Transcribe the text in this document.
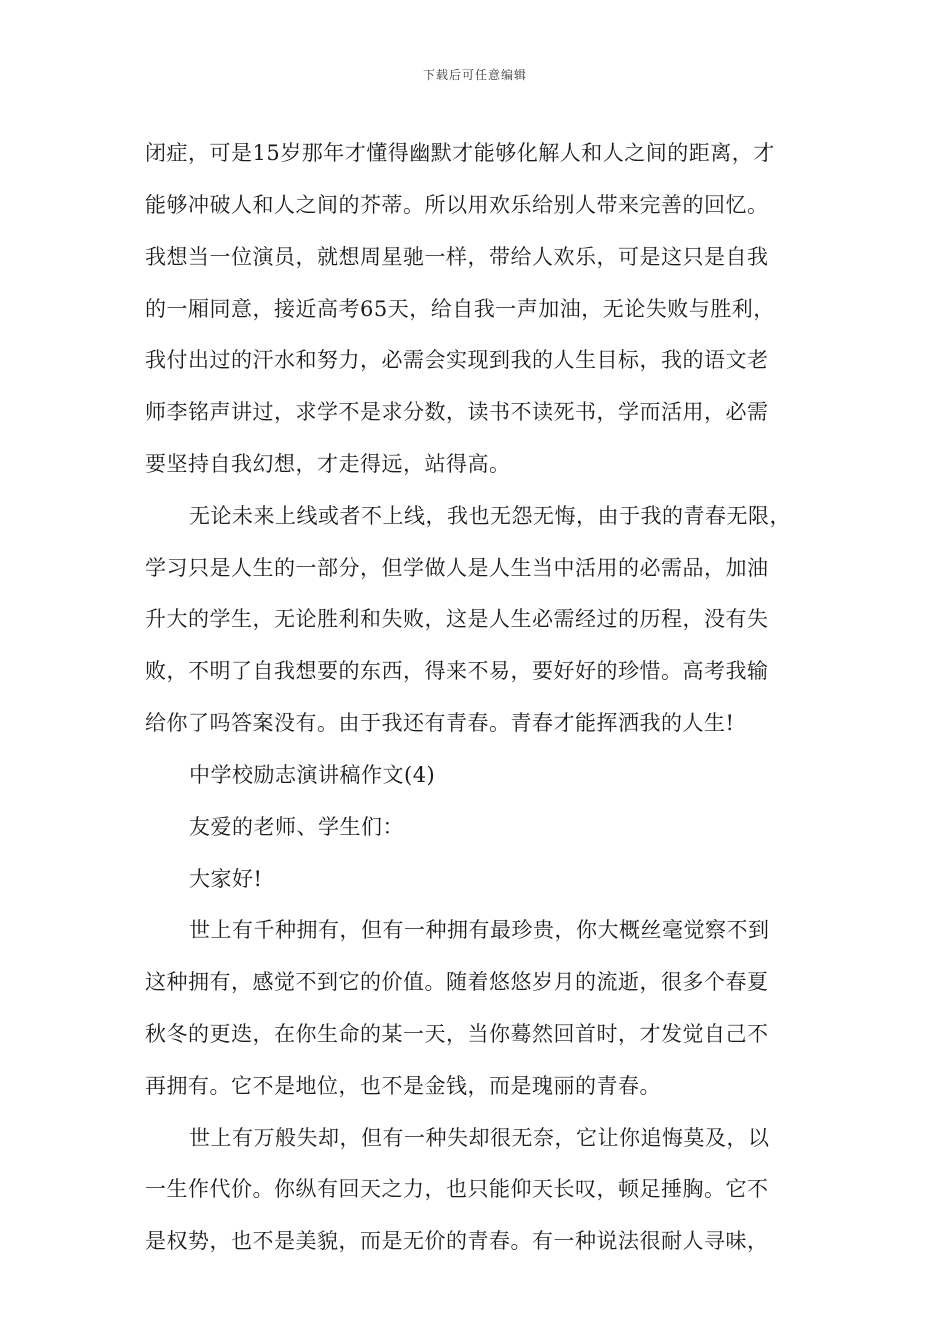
下载后可任意编辑
闭症，可是15岁那年才懂得幽默才能够化解人和人之间的距离，才
能够冲破人和人之间的芥蒂。所以用欢乐给别人带来完善的回忆。
我想当一位演员，就想周星驰一样，带给人欢乐，可是这只是自我
的一厢同意，接近高考65天，给自我一声加油，无论失败与胜利，
我付出过的汗水和努力，必需会实现到我的人生目标，我的语文老
师李铭声讲过，求学不是求分数，读书不读死书，学而活用，必需
要坚持自我幻想，才走得远，站得高。
无论未来上线或者不上线，我也无怨无悔，由于我的青春无限，
学习只是人生的一部分，但学做人是人生当中活用的必需品，加油
升大的学生，无论胜利和失败，这是人生必需经过的历程，没有失
败，不明了自我想要的东西，得来不易，要好好的珍惜。高考我输
给你了吗答案没有。由于我还有青春。青春才能挥洒我的人生!
中学校励志演讲稿作文(4)
友爱的老师、学生们：
大家好!
世上有千种拥有，但有一种拥有最珍贵，你大概丝毫觉察不到
这种拥有，感觉不到它的价值。随着悠悠岁月的流逝，很多个春夏
秋冬的更迭，在你生命的某一天，当你蓦然回首时，才发觉自己不
再拥有。它不是地位，也不是金钱，而是瑰丽的青春。
世上有万般失却，但有一种失却很无奈，它让你追悔莫及，以
一生作代价。你纵有回天之力，也只能仰天长叹，顿足捶胸。它不
是权势，也不是美貌，而是无价的青春。有一种说法很耐人寻味，
